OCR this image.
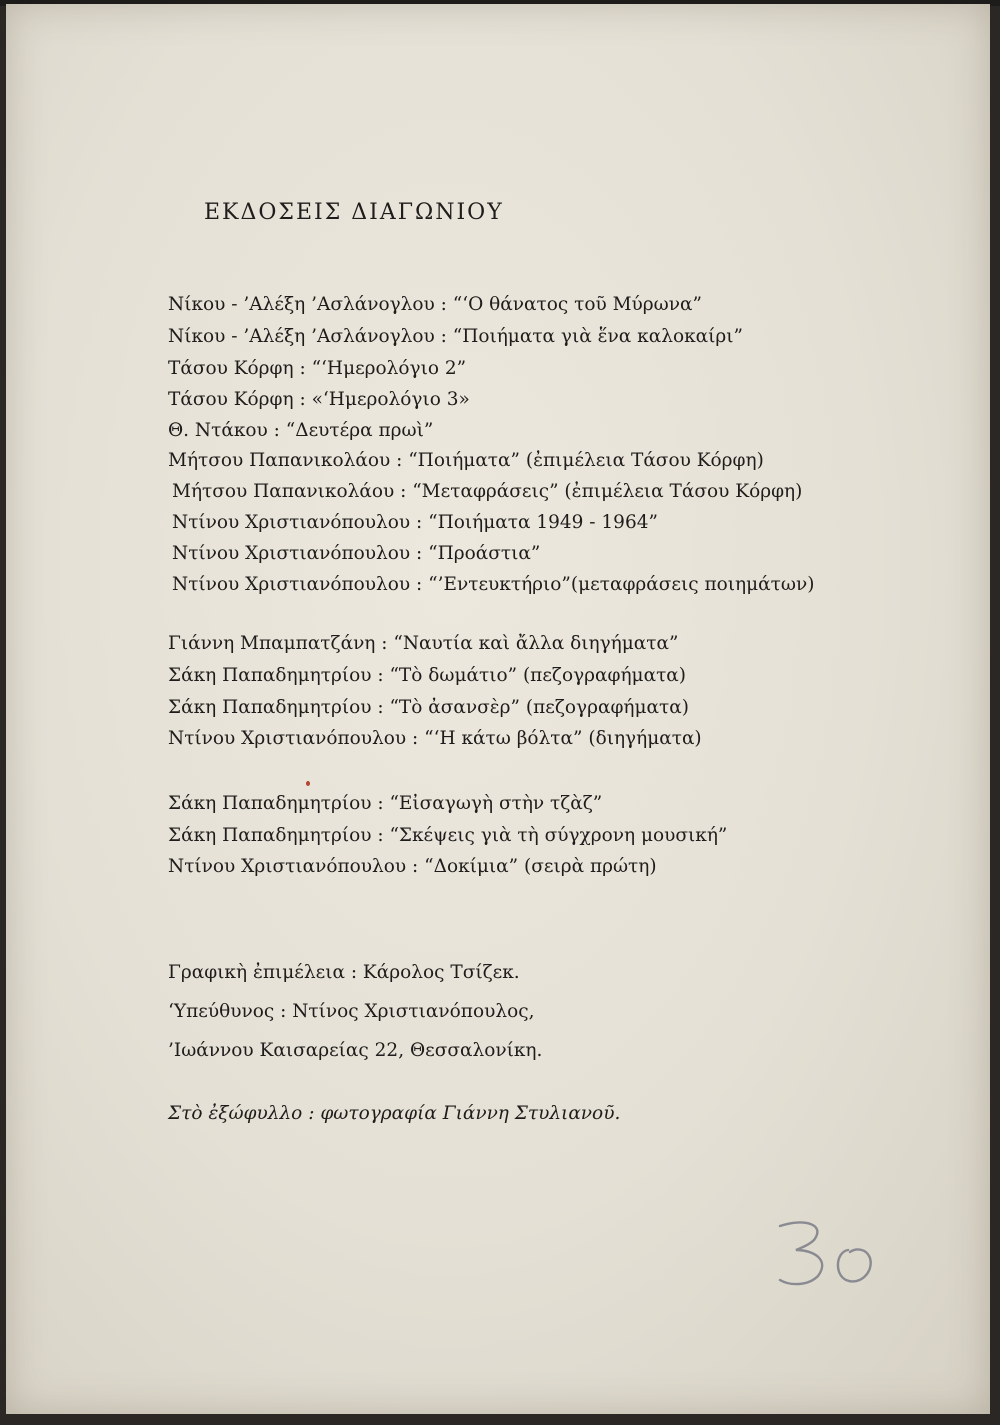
ΕΚΔΟΣΕΙΣ ΔΙΑΓΩΝΙΟΥ
Νίκου - ’Αλέξη ’Ασλάνογλου : “‘Ο θάνατος τοῦ Μύρωνα”
Νίκου - ’Αλέξη ’Ασλάνογλου : “Ποιήματα γιὰ ἕνα καλοκαίρι”
Τάσου Κόρφη : “‘Ημερολόγιο 2”
Τάσου Κόρφη : «‘Ημερολόγιο 3»
Θ. Ντάκου : “Δευτέρα πρωὶ”
Μήτσου Παπανικολάου : “Ποιήματα” (ἐπιμέλεια Τάσου Κόρφη)
Μήτσου Παπανικολάου : “Μεταφράσεις” (ἐπιμέλεια Τάσου Κόρφη)
Ντίνου Χριστιανόπουλου : “Ποιήματα 1949 - 1964”
Ντίνου Χριστιανόπουλου : “Προάστια”
Ντίνου Χριστιανόπουλου : “’Εντευκτήριο”(μεταφράσεις ποιημάτων)
Γιάννη Μπαμπατζάνη : “Ναυτία καὶ ἄλλα διηγήματα”
Σάκη Παπαδημητρίου : “Τὸ δωμάτιο” (πεζογραφήματα)
Σάκη Παπαδημητρίου : “Τὸ ἀσανσὲρ” (πεζογραφήματα)
Ντίνου Χριστιανόπουλου : “‘Η κάτω βόλτα” (διηγήματα)
Σάκη Παπαδημητρίου : “Εἰσαγωγὴ στὴν τζὰζ”
Σάκη Παπαδημητρίου : “Σκέψεις γιὰ τὴ σύγχρονη μουσική”
Ντίνου Χριστιανόπουλου : “Δοκίμια” (σειρὰ πρώτη)
Γραφικὴ ἐπιμέλεια : Κάρολος Τσίζεκ.
‘Υπεύθυνος : Ντίνος Χριστιανόπουλος,
’Ιωάννου Καισαρείας 22, Θεσσαλονίκη.
Στὸ ἐξώφυλλο : φωτογραφία Γιάννη Στυλιανοῦ.
